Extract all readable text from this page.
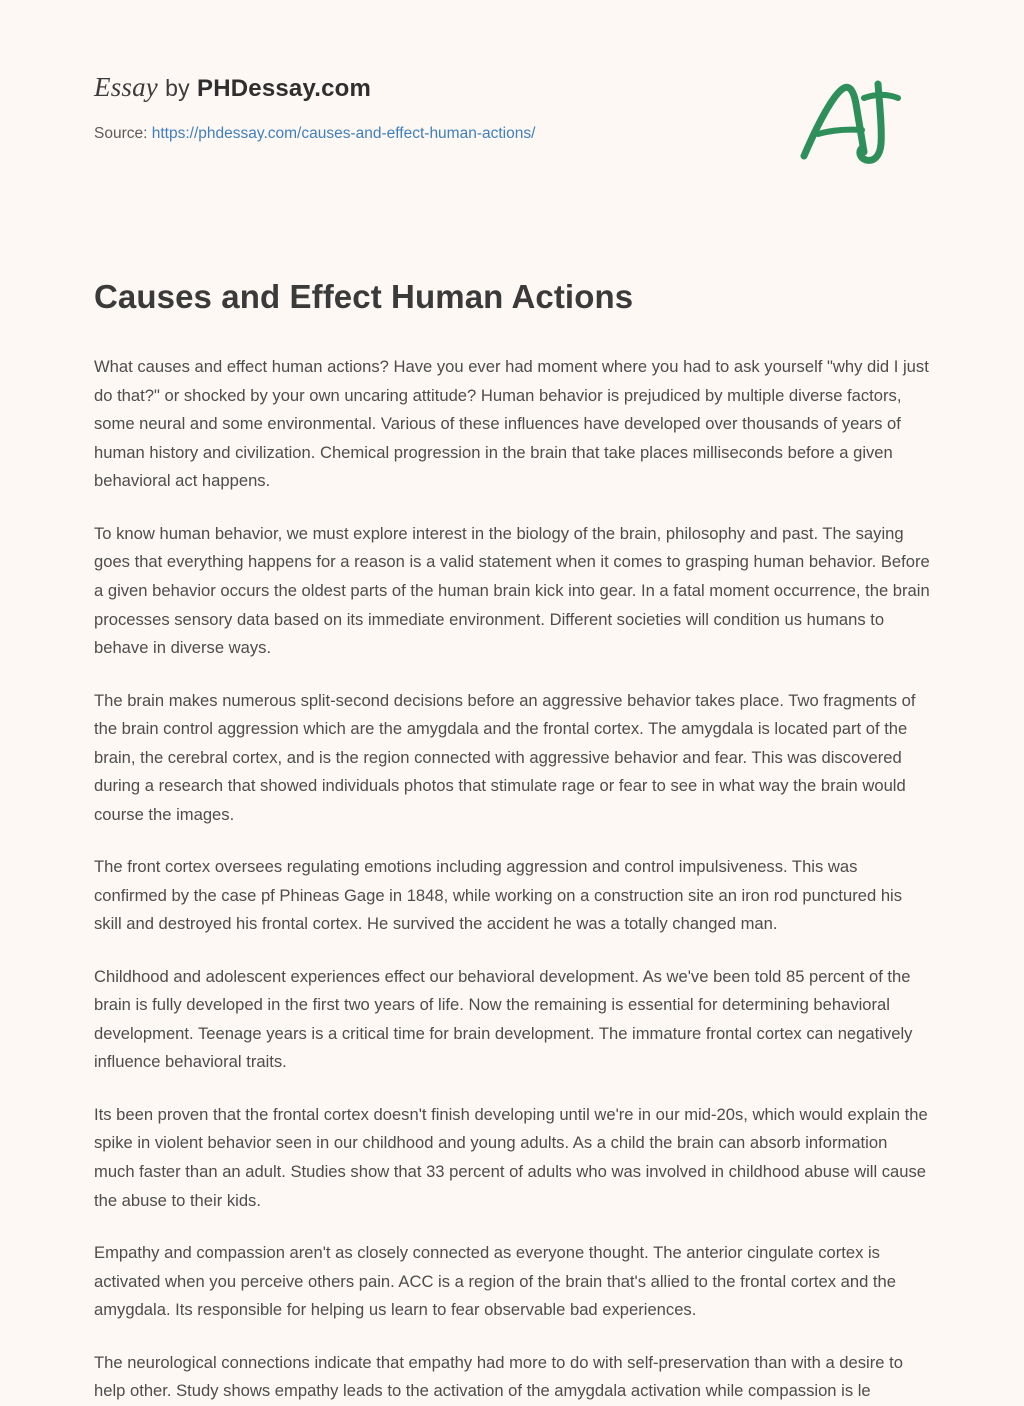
Essay by PHDessay.com
Source: https://phdessay.com/causes-and-effect-human-actions/
Causes and Effect Human Actions

What causes and effect human actions? Have you ever had moment where you had to ask yourself "why did I just do that?" or shocked by your own uncaring attitude? Human behavior is prejudiced by multiple diverse factors, some neural and some environmental. Various of these influences have developed over thousands of years of human history and civilization. Chemical progression in the brain that take places milliseconds before a given behavioral act happens.

To know human behavior, we must explore interest in the biology of the brain, philosophy and past. The saying goes that everything happens for a reason is a valid statement when it comes to grasping human behavior. Before a given behavior occurs the oldest parts of the human brain kick into gear. In a fatal moment occurrence, the brain processes sensory data based on its immediate environment. Different societies will condition us humans to behave in diverse ways.

The brain makes numerous split-second decisions before an aggressive behavior takes place. Two fragments of the brain control aggression which are the amygdala and the frontal cortex. The amygdala is located part of the brain, the cerebral cortex, and is the region connected with aggressive behavior and fear. This was discovered during a research that showed individuals photos that stimulate rage or fear to see in what way the brain would course the images.

The front cortex oversees regulating emotions including aggression and control impulsiveness. This was confirmed by the case pf Phineas Gage in 1848, while working on a construction site an iron rod punctured his skill and destroyed his frontal cortex. He survived the accident he was a totally changed man.

Childhood and adolescent experiences effect our behavioral development. As we've been told 85 percent of the brain is fully developed in the first two years of life. Now the remaining is essential for determining behavioral development. Teenage years is a critical time for brain development. The immature frontal cortex can negatively influence behavioral traits.

Its been proven that the frontal cortex doesn't finish developing until we're in our mid-20s, which would explain the spike in violent behavior seen in our childhood and young adults. As a child the brain can absorb information much faster than an adult. Studies show that 33 percent of adults who was involved in childhood abuse will cause the abuse to their kids.

Empathy and compassion aren't as closely connected as everyone thought. The anterior cingulate cortex is activated when you perceive others pain. ACC is a region of the brain that's allied to the frontal cortex and the amygdala. Its responsible for helping us learn to fear observable bad experiences.

The neurological connections indicate that empathy had more to do with self-preservation than with a desire to help other. Study shows empathy leads to the activation of the amygdala activation while compassion is le
